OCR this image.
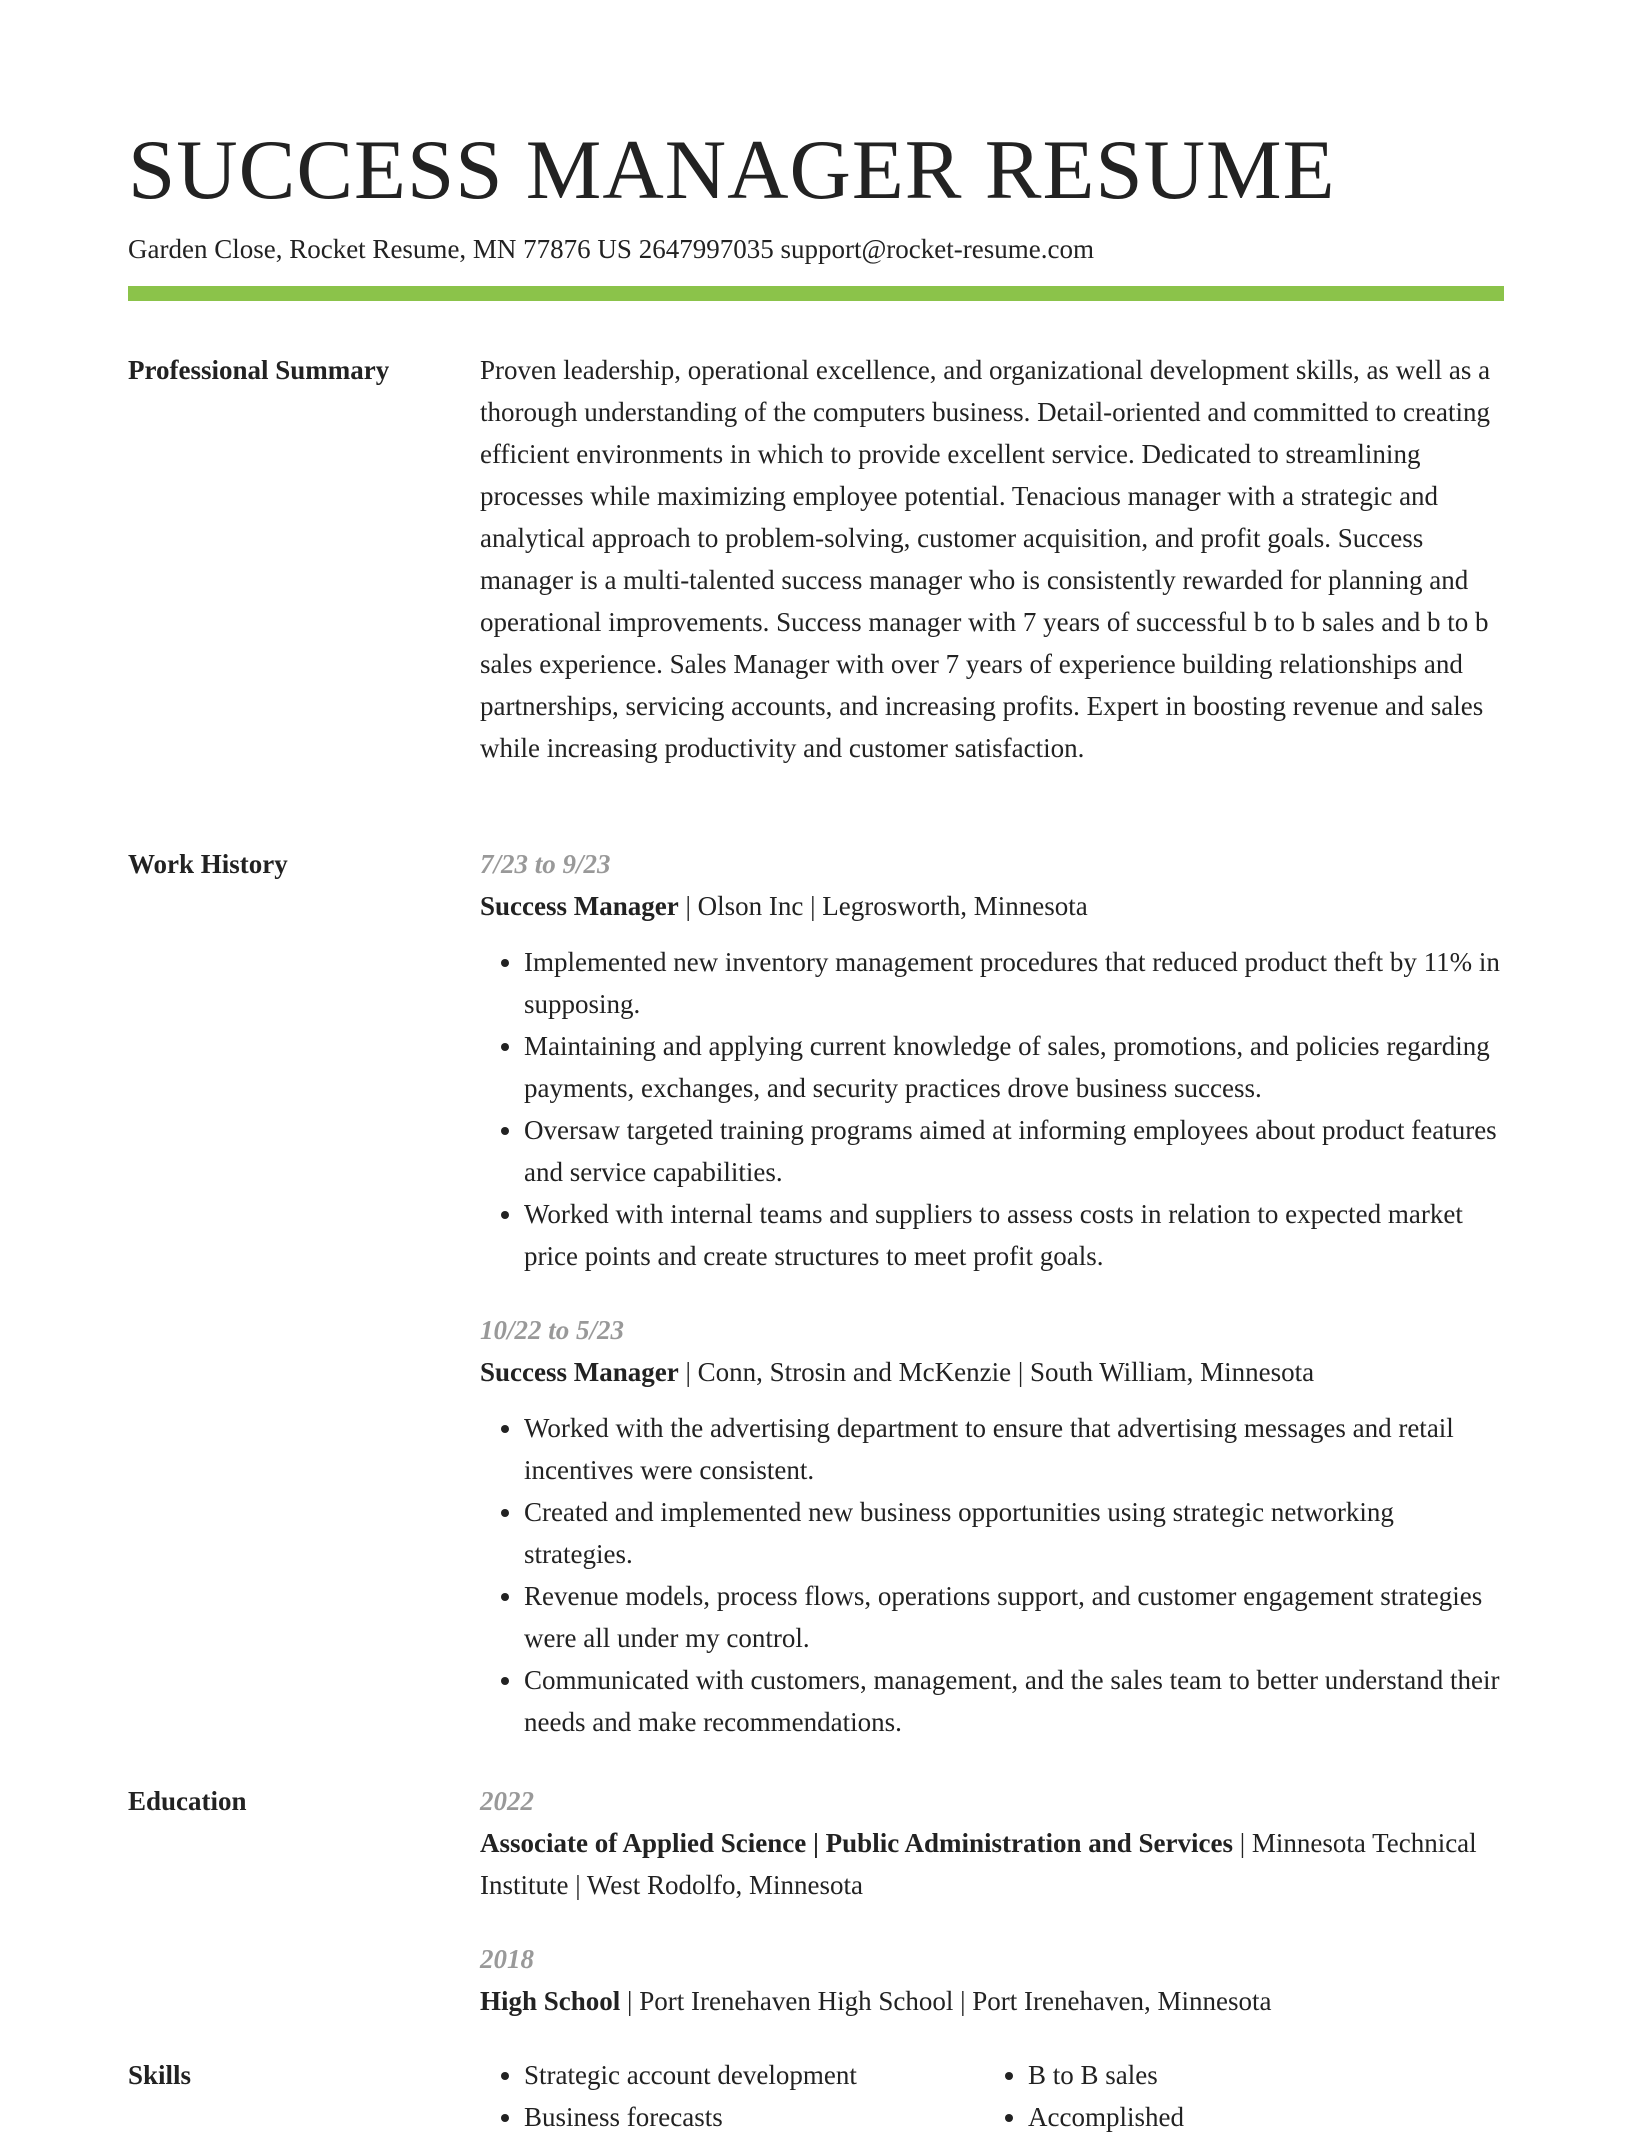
SUCCESS MANAGER RESUME
Garden Close, Rocket Resume, MN 77876 US 2647997035 support@rocket-resume.com
Professional Summary	Proven leadership, operational excellence, and organizational development skills, as well as a thorough understanding of the computers business. Detail-oriented and committed to creating efficient environments in which to provide excellent service. Dedicated to streamlining processes while maximizing employee potential. Tenacious manager with a strategic and analytical approach to problem-solving, customer acquisition, and profit goals. Success manager is a multi-talented success manager who is consistently rewarded for planning and operational improvements. Success manager with 7 years of successful b to b sales and b to b sales experience. Sales Manager with over 7 years of experience building relationships and partnerships, servicing accounts, and increasing profits. Expert in boosting revenue and sales while increasing productivity and customer satisfaction.

Work History	7/23 to 9/23
Success Manager | Olson Inc | Legrosworth, Minnesota
• Implemented new inventory management procedures that reduced product theft by 11% in supposing.
• Maintaining and applying current knowledge of sales, promotions, and policies regarding payments, exchanges, and security practices drove business success.
• Oversaw targeted training programs aimed at informing employees about product features and service capabilities.
• Worked with internal teams and suppliers to assess costs in relation to expected market price points and create structures to meet profit goals.
10/22 to 5/23
Success Manager | Conn, Strosin and McKenzie | South William, Minnesota
• Worked with the advertising department to ensure that advertising messages and retail incentives were consistent.
• Created and implemented new business opportunities using strategic networking strategies.
• Revenue models, process flows, operations support, and customer engagement strategies were all under my control.
• Communicated with customers, management, and the sales team to better understand their needs and make recommendations.
Education	2022
Associate of Applied Science | Public Administration and Services | Minnesota Technical Institute | West Rodolfo, Minnesota
2018
High School | Port Irenehaven High School | Port Irenehaven, Minnesota
Skills
•	Strategic account development
• Business forecasts
• B to B sales
• Accomplished
